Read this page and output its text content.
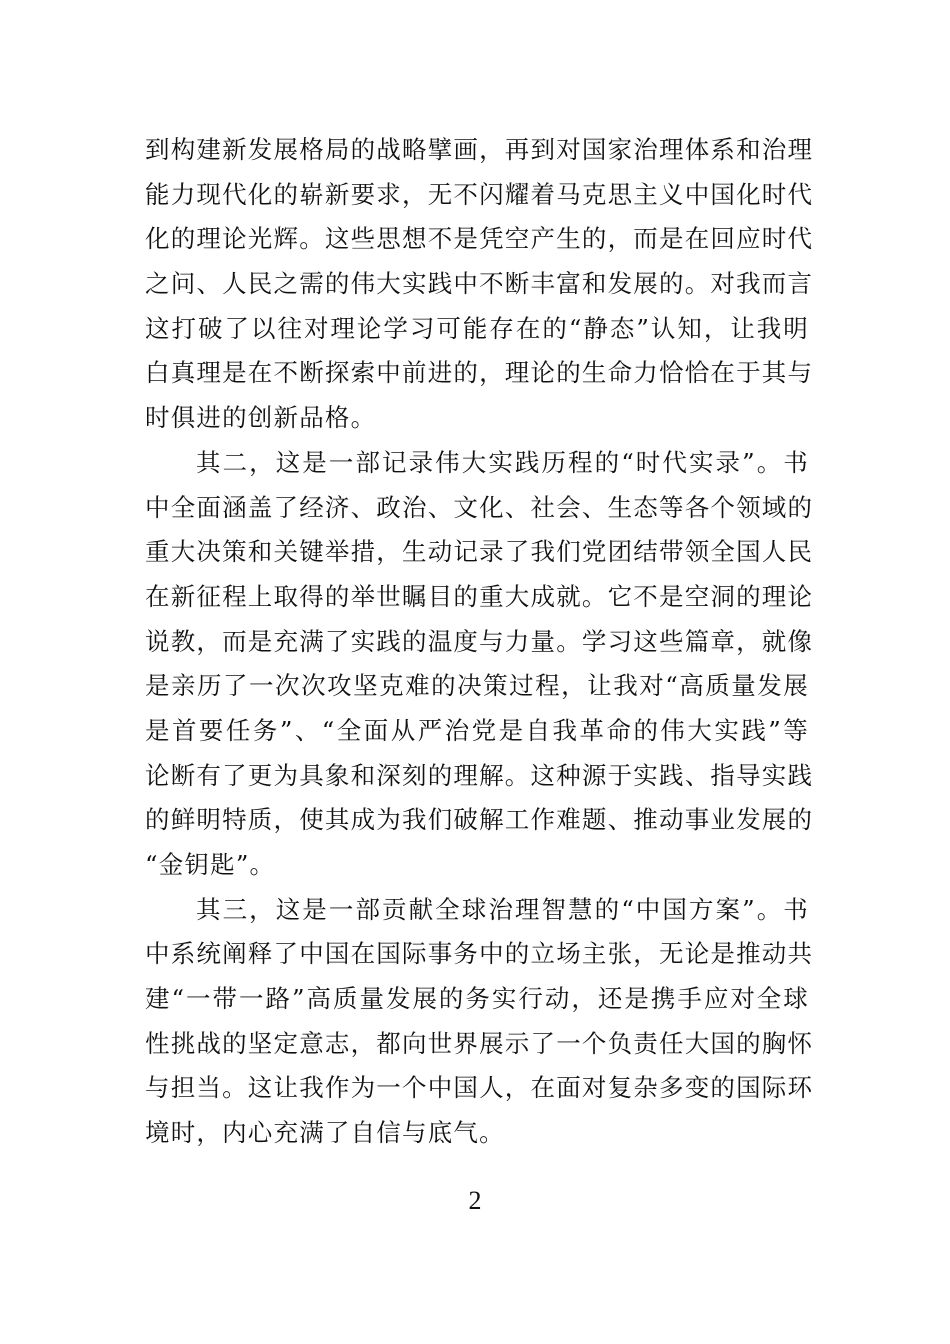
到构建新发展格局的战略擘画，再到对国家治理体系和治理
能力现代化的崭新要求，无不闪耀着马克思主义中国化时代
化的理论光辉。这些思想不是凭空产生的，而是在回应时代
之问、人民之需的伟大实践中不断丰富和发展的。对我而言
这打破了以往对理论学习可能存在的“静态”认知，让我明
白真理是在不断探索中前进的，理论的生命力恰恰在于其与
时俱进的创新品格。
其二，这是一部记录伟大实践历程的“时代实录”。书
中全面涵盖了经济、政治、文化、社会、生态等各个领域的
重大决策和关键举措，生动记录了我们党团结带领全国人民
在新征程上取得的举世瞩目的重大成就。它不是空洞的理论
说教，而是充满了实践的温度与力量。学习这些篇章，就像
是亲历了一次次攻坚克难的决策过程，让我对“高质量发展
是首要任务”、“全面从严治党是自我革命的伟大实践”等
论断有了更为具象和深刻的理解。这种源于实践、指导实践
的鲜明特质，使其成为我们破解工作难题、推动事业发展的
“金钥匙”。
其三，这是一部贡献全球治理智慧的“中国方案”。书
中系统阐释了中国在国际事务中的立场主张，无论是推动共
建“一带一路”高质量发展的务实行动，还是携手应对全球
性挑战的坚定意志，都向世界展示了一个负责任大国的胸怀
与担当。这让我作为一个中国人，在面对复杂多变的国际环
境时，内心充满了自信与底气。
2
